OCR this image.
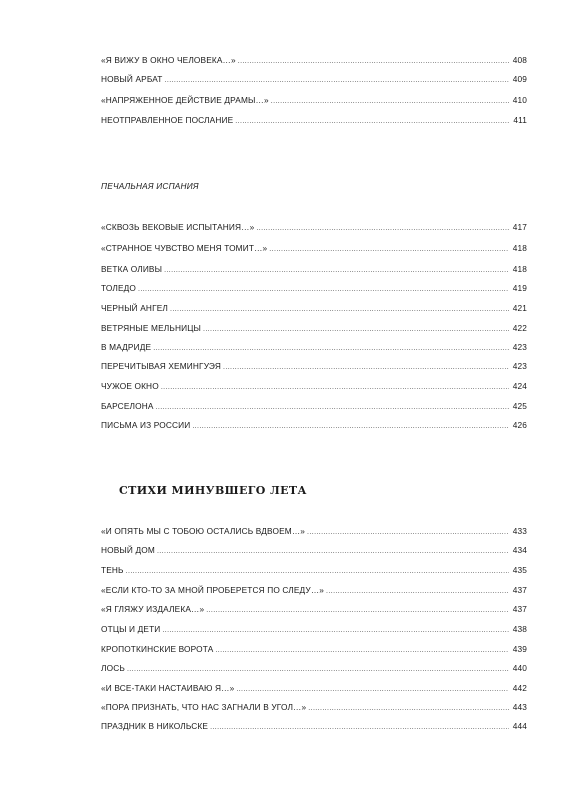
«Я ВИЖУ В ОКНО ЧЕЛОВЕКА…» .....	408
НОВЫЙ АРБАТ .....	409
«НАПРЯЖЕННОЕ ДЕЙСТВИЕ ДРАМЫ…» .....	410
НЕОТПРАВЛЕННОЕ ПОСЛАНИЕ .....	411
ПЕЧАЛЬНАЯ ИСПАНИЯ
«СКВОЗЬ ВЕКОВЫЕ ИСПЫТАНИЯ…» .....	417
«СТРАННОЕ ЧУВСТВО МЕНЯ ТОМИТ…» .....	418
ВЕТКА ОЛИВЫ .....	418
ТОЛЕДО .....	419
ЧЕРНЫЙ АНГЕЛ .....	421
ВЕТРЯНЫЕ МЕЛЬНИЦЫ .....	422
В МАДРИДЕ .....	423
ПЕРЕЧИТЫВАЯ ХЕМИНГУЭЯ .....	423
ЧУЖОЕ ОКНО .....	424
БАРСЕЛОНА .....	425
ПИСЬМА ИЗ РОССИИ .....	426
СТИХИ МИНУВШЕГО ЛЕТА
«И ОПЯТЬ МЫ С ТОБОЮ ОСТАЛИСЬ ВДВОЕМ…» .....	433
НОВЫЙ ДОМ .....	434
ТЕНЬ .....	435
«ЕСЛИ КТО-ТО ЗА МНОЙ ПРОБЕРЕТСЯ ПО СЛЕДУ…» .....	437
«Я ГЛЯЖУ ИЗДАЛЕКА…» .....	437
ОТЦЫ И ДЕТИ .....	438
КРОПОТКИНСКИЕ ВОРОТА .....	439
ЛОСЬ .....	440
«И ВСЕ-ТАКИ НАСТАИВАЮ Я…» .....	442
«ПОРА ПРИЗНАТЬ, ЧТО НАС ЗАГНАЛИ В УГОЛ…» .....	443
ПРАЗДНИК В НИКОЛЬСКЕ .....	444
